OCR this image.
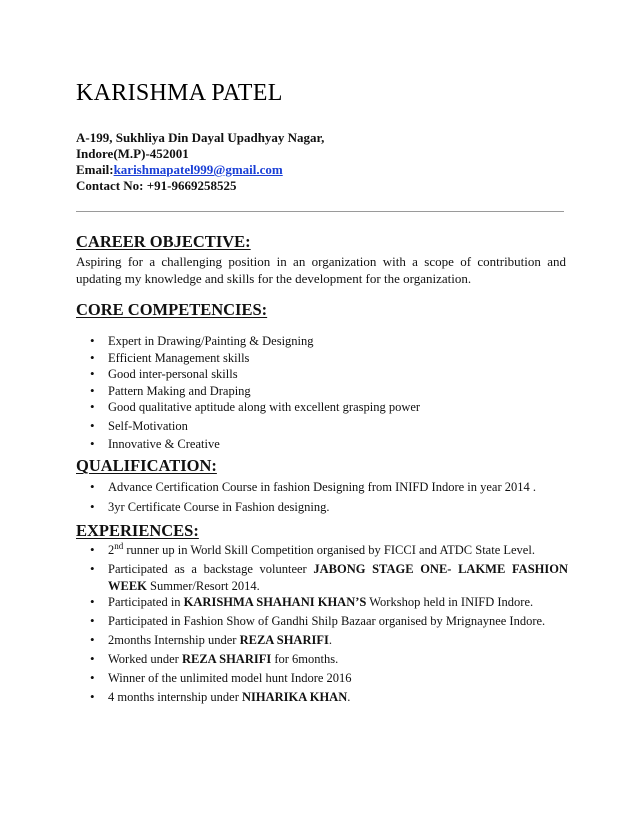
KARISHMA PATEL
A-199, Sukhliya Din Dayal Upadhyay Nagar,
Indore(M.P)-452001
Email:karishmapatel999@gmail.com
Contact No: +91-9669258525
CAREER OBJECTIVE:
Aspiring for a challenging position in an organization with a scope of contribution and updating my knowledge and skills for the development for the organization.
CORE COMPETENCIES:
• Expert in Drawing/Painting & Designing
• Efficient Management skills
• Good inter-personal skills
• Pattern Making and Draping
• Good qualitative aptitude along with excellent grasping power
• Self-Motivation
• Innovative & Creative
QUALIFICATION:
• Advance Certification Course in fashion Designing from INIFD Indore in year 2014 .
• 3yr Certificate Course in Fashion designing.
EXPERIENCES:
• 2nd runner up in World Skill Competition organised by FICCI and ATDC State Level.
• Participated as a backstage volunteer JABONG STAGE ONE- LAKME FASHION WEEK Summer/Resort 2014.
• Participated in KARISHMA SHAHANI KHAN’S Workshop held in INIFD Indore.
• Participated in Fashion Show of Gandhi Shilp Bazaar organised by Mrignaynee Indore.
• 2months Internship under REZA SHARIFI.
• Worked under REZA SHARIFI for 6months.
• Winner of the unlimited model hunt Indore 2016
• 4 months internship under NIHARIKA KHAN.
